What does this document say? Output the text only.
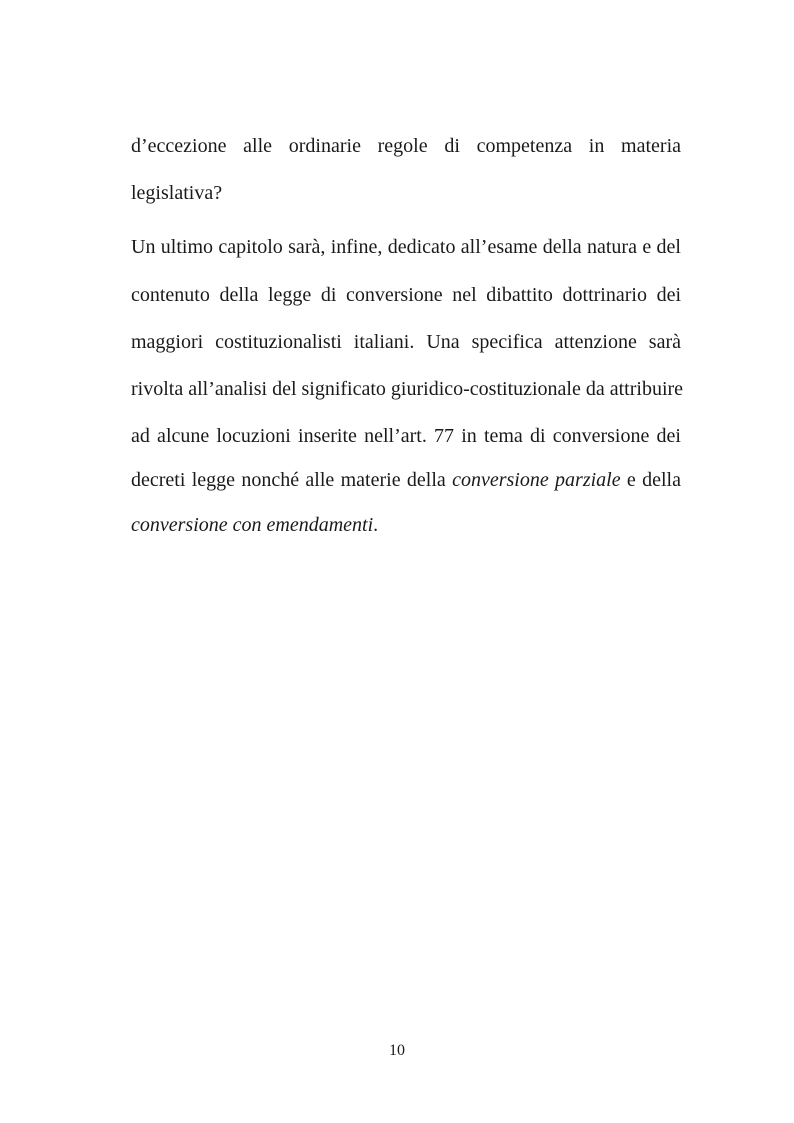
d’eccezione alle ordinarie regole di competenza in materia
legislativa?
Un ultimo capitolo sarà, infine, dedicato all’esame della natura e del
contenuto della legge di conversione nel dibattito dottrinario dei
maggiori costituzionalisti italiani. Una specifica attenzione sarà
rivolta all’analisi del significato giuridico-costituzionale da attribuire
ad alcune locuzioni inserite nell’art. 77 in tema di conversione dei
decreti legge nonché alle materie della conversione parziale e della
conversione con emendamenti.
10
